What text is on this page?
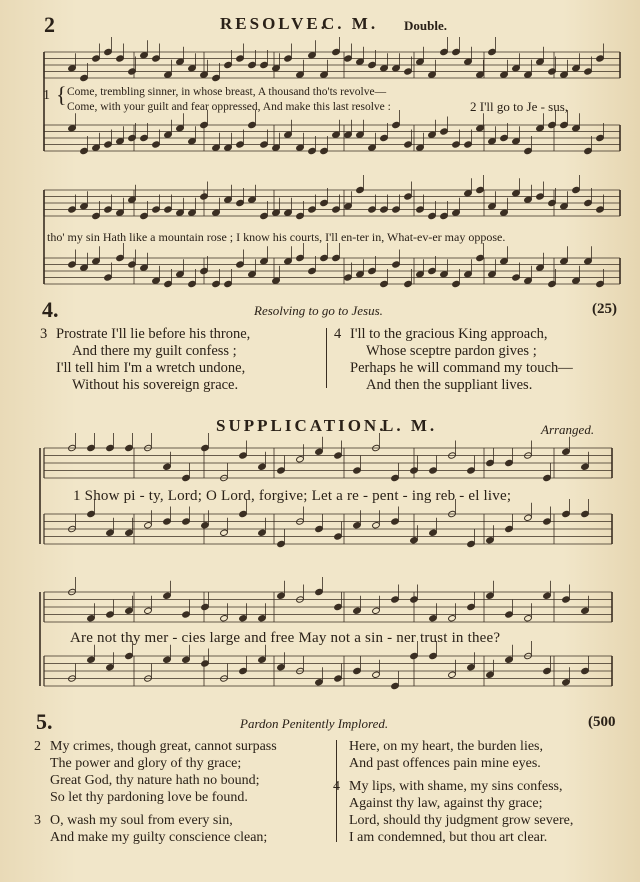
2	RESOLVE.
C. M. Double.
1 { Come, trembling sinner, in whose breast, A thousand tho'ts revolve—
Come, with your guilt and fear oppressed, And make this last resolve :	2 I'll go to Je - sus,
tho' my sin Hath like a mountain rose ; I know his courts, I'll en-ter in, What-ev-er may oppose.
4.	Resolving to go to Jesus.	(25)
3 Prostrate I'll lie before his throne,
And there my guilt confess ;
I'll tell him I'm a wretch undone,
Without his sovereign grace.
4 I'll to the gracious King approach,
Whose sceptre pardon gives ;
Perhaps he will command my touch—
And then the suppliant lives.
SUPPLICATION.
L. M.	Arranged.
1 Show pi - ty, Lord; O Lord, forgive; Let a re - pent - ing reb - el live;
Are not thy mer - cies large and free May not a sin - ner trust in thee?
5.	Pardon Penitently Implored.	(500
2 My crimes, though great, cannot surpass
The power and glory of thy grace;
Great God, thy nature hath no bound;
So let thy pardoning love be found.
3 O, wash my soul from every sin,
And make my guilty conscience clean;
Here, on my heart, the burden lies,
And past offences pain mine eyes.
4 My lips, with shame, my sins confess,
Against thy law, against thy grace;
Lord, should thy judgment grow severe,
I am condemned, but thou art clear.
